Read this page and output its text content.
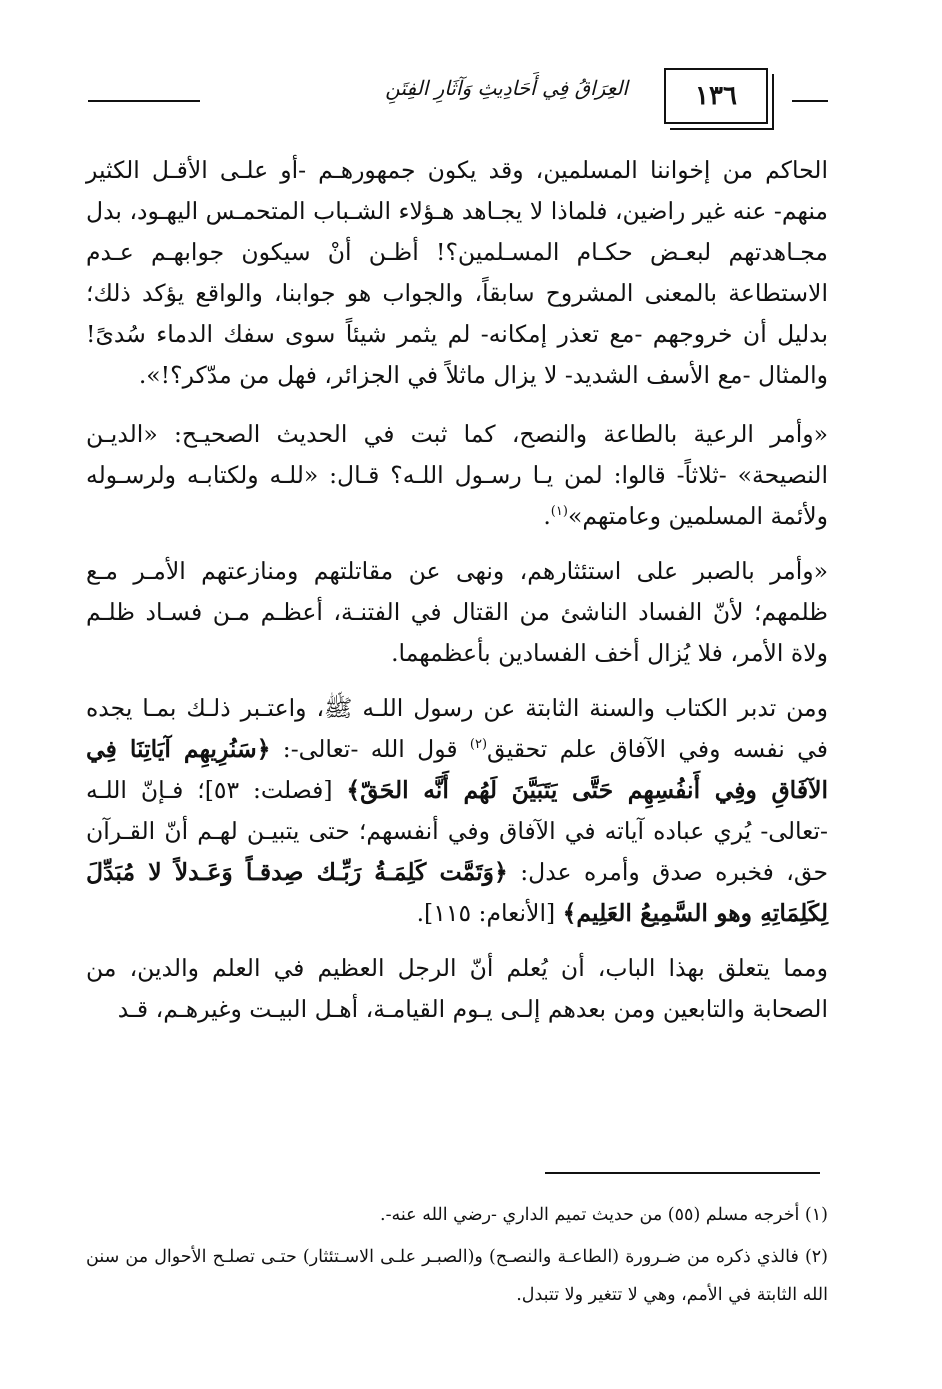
١٣٦
العِرَاقُ فِي أَحَادِيثِ وَآثَارِ الفِتَنِ

الحاكم من إخواننا المسلمين، وقد يكون جمهورهـم -أو علـى الأقـل الكثير منهم- عنه غير راضين، فلماذا لا يجـاهد هـؤلاء الشـباب المتحمـس اليهـود، بدل مجـاهدتهم لبعـض حكـام المسـلمين؟! أظـن أنْ سيكون جوابهـم عـدم الاستطاعة بالمعنى المشروح سابقاً، والجواب هو جوابنا، والواقع يؤكد ذلك؛ بدليل أن خروجهم -مع تعذر إمكانه- لم يثمر شيئاً سوى سفك الدماء سُدىً! والمثال -مع الأسف الشديد- لا يزال ماثلاً في الجزائر، فهل من مدّكر؟!».

«وأمر الرعية بالطاعة والنصح، كما ثبت في الحديث الصحيـح: «الديـن النصيحة» -ثلاثاً- قالوا: لمن يـا رسـول اللـه؟ قـال: «للـه ولكتابـه ولرسـوله ولأئمة المسلمين وعامتهم»$^{(١)}$.

«وأمر بالصبر على استئثارهم، ونهى عن مقاتلتهم ومنازعتهم الأمـر مـع ظلمهم؛ لأنّ الفساد الناشئ من القتال في الفتنـة، أعظـم مـن فسـاد ظلـم ولاة الأمر، فلا يُزال أخف الفسادين بأعظمهما.

ومن تدبر الكتاب والسنة الثابتة عن رسول اللـه ﷺ، واعتـبر ذلـك بمـا يجده في نفسه وفي الآفاق علم تحقيق$^{(٢)}$ قول الله -تعالى-: ﴿سَنُرِيهِم آيَاتِنَا فِي الآفَاقِ وفِي أَنفُسِهِم حَتَّى يَتَبَيَّنَ لَهُم أَنَّه الحَقّ﴾ [فصلت: ٥٣]؛ فـإنّ اللـه -تعالى- يُري عباده آياته في الآفاق وفي أنفسهم؛ حتى يتبيـن لهـم أنّ القـرآن حق، فخبره صدق وأمره عدل: ﴿وَتَمَّت كَلِمَـةُ رَبِّـك صِدقـاً وَعَـدلاً لا مُبَدِّلَ لِكَلِمَاتِهِ وهو السَّمِيعُ العَلِيم﴾ [الأنعام: ١١٥].

ومما يتعلق بهذا الباب، أن يُعلم أنّ الرجل العظيم في العلم والدين، من الصحابة والتابعين ومن بعدهم إلـى يـوم القيامـة، أهـل البيـت وغيرهـم، قـد

(١) أخرجه مسلم (٥٥) من حديث تميم الداري -رضي الله عنه-.

(٢) فالذي ذكره من ضـرورة (الطاعـة والنصـح) و(الصبـر علـى الاسـتئثار) حتـى تصلـح الأحوال من سنن الله الثابتة في الأمم، وهي لا تتغير ولا تتبدل.
